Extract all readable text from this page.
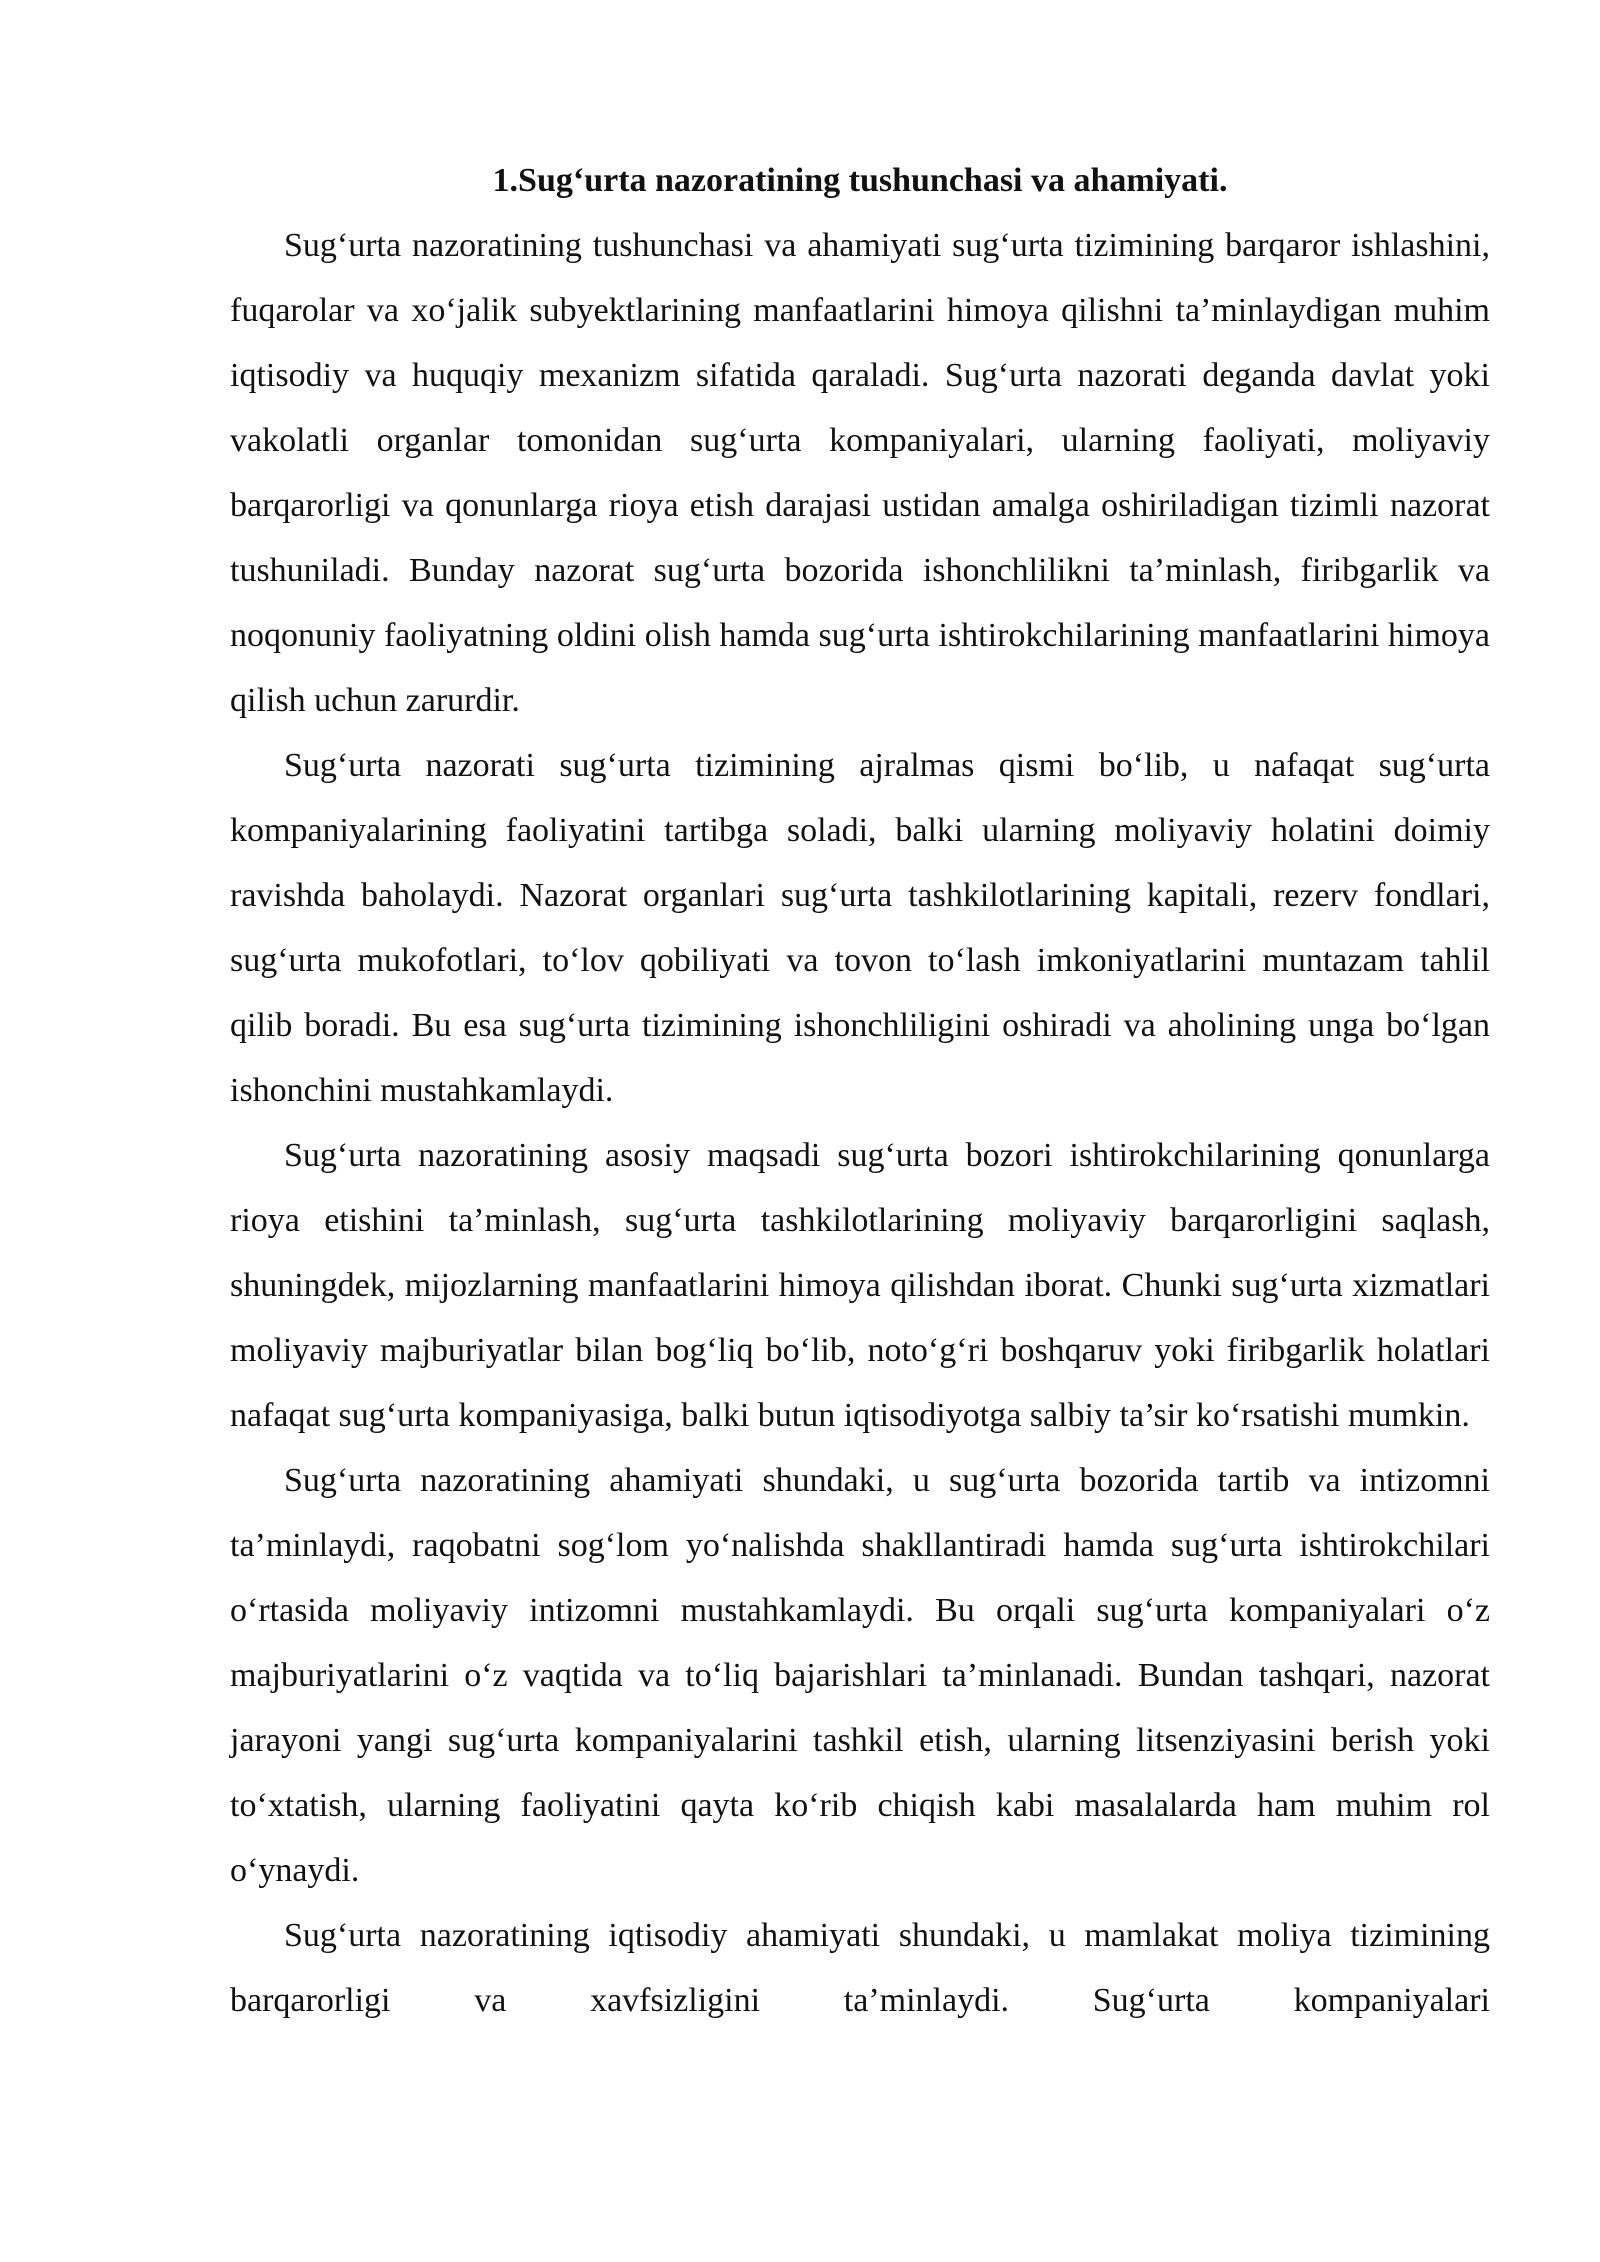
1.Sug‘urta nazoratining tushunchasi va ahamiyati.

Sug‘urta nazoratining tushunchasi va ahamiyati sug‘urta tizimining barqaror ishlashini, fuqarolar va xo‘jalik subyektlarining manfaatlarini himoya qilishni ta’minlaydigan muhim iqtisodiy va huquqiy mexanizm sifatida qaraladi. Sug‘urta nazorati deganda davlat yoki vakolatli organlar tomonidan sug‘urta kompaniyalari, ularning faoliyati, moliyaviy barqarorligi va qonunlarga rioya etish darajasi ustidan amalga oshiriladigan tizimli nazorat tushuniladi. Bunday nazorat sug‘urta bozorida ishonchlilikni ta’minlash, firibgarlik va noqonuniy faoliyatning oldini olish hamda sug‘urta ishtirokchilarining manfaatlarini himoya qilish uchun zarurdir.

Sug‘urta nazorati sug‘urta tizimining ajralmas qismi bo‘lib, u nafaqat sug‘urta kompaniyalarining faoliyatini tartibga soladi, balki ularning moliyaviy holatini doimiy ravishda baholaydi. Nazorat organlari sug‘urta tashkilotlarining kapitali, rezerv fondlari, sug‘urta mukofotlari, to‘lov qobiliyati va tovon to‘lash imkoniyatlarini muntazam tahlil qilib boradi. Bu esa sug‘urta tizimining ishonchliligini oshiradi va aholining unga bo‘lgan ishonchini mustahkamlaydi.

Sug‘urta nazoratining asosiy maqsadi sug‘urta bozori ishtirokchilarining qonunlarga rioya etishini ta’minlash, sug‘urta tashkilotlarining moliyaviy barqarorligini saqlash, shuningdek, mijozlarning manfaatlarini himoya qilishdan iborat. Chunki sug‘urta xizmatlari moliyaviy majburiyatlar bilan bog‘liq bo‘lib, noto‘g‘ri boshqaruv yoki firibgarlik holatlari nafaqat sug‘urta kompaniyasiga, balki butun iqtisodiyotga salbiy ta’sir ko‘rsatishi mumkin.

Sug‘urta nazoratining ahamiyati shundaki, u sug‘urta bozorida tartib va intizomni ta’minlaydi, raqobatni sog‘lom yo‘nalishda shakllantiradi hamda sug‘urta ishtirokchilari o‘rtasida moliyaviy intizomni mustahkamlaydi. Bu orqali sug‘urta kompaniyalari o‘z majburiyatlarini o‘z vaqtida va to‘liq bajarishlari ta’minlanadi. Bundan tashqari, nazorat jarayoni yangi sug‘urta kompaniyalarini tashkil etish, ularning litsenziyasini berish yoki to‘xtatish, ularning faoliyatini qayta ko‘rib chiqish kabi masalalarda ham muhim rol o‘ynaydi.

Sug‘urta nazoratining iqtisodiy ahamiyati shundaki, u mamlakat moliya tizimining barqarorligi va xavfsizligini ta’minlaydi. Sug‘urta kompaniyalari
